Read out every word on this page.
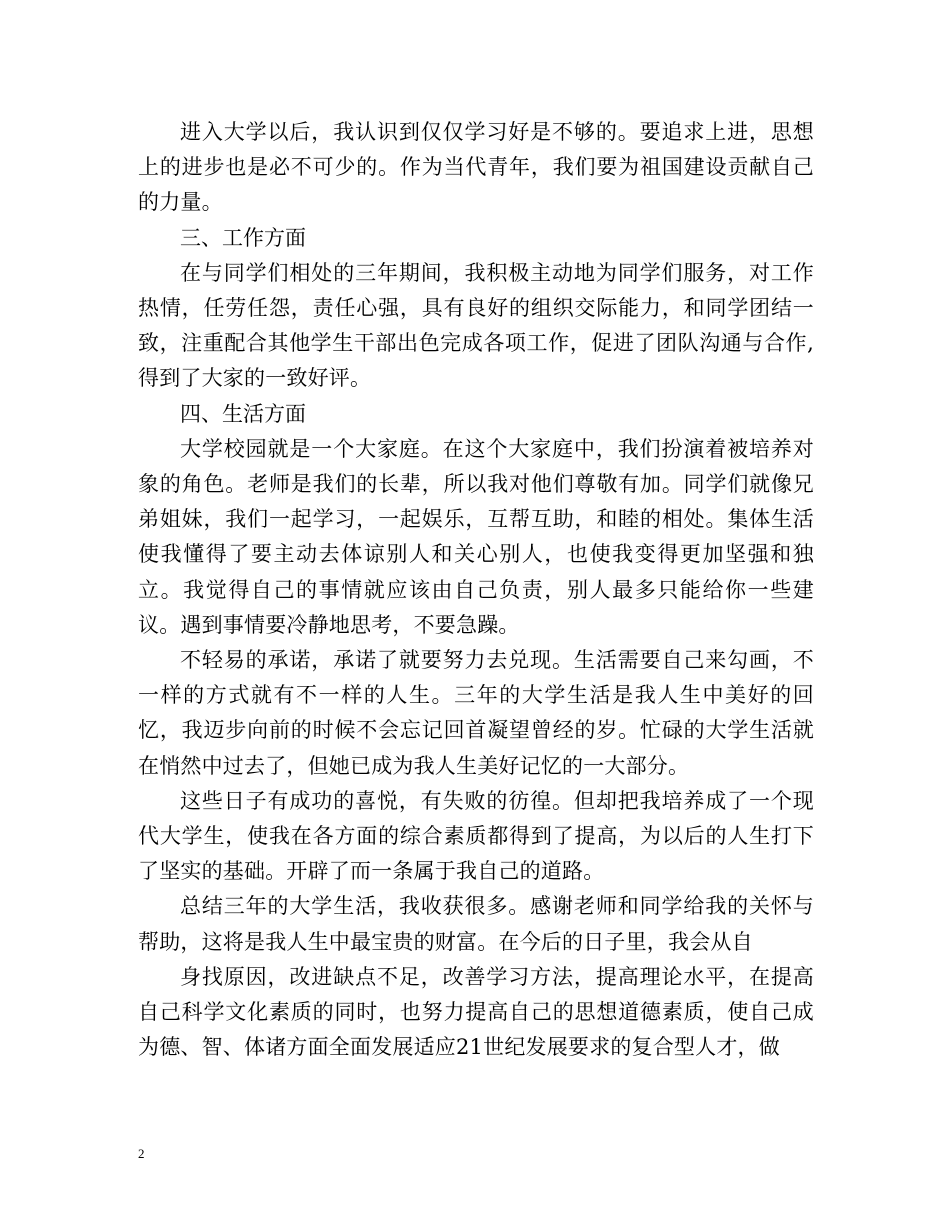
进入大学以后，我认识到仅仅学习好是不够的。要追求上进，思想上的进步也是必不可少的。作为当代青年，我们要为祖国建设贡献自己的力量。

三、工作方面

在与同学们相处的三年期间，我积极主动地为同学们服务，对工作热情，任劳任怨，责任心强，具有良好的组织交际能力，和同学团结一致，注重配合其他学生干部出色完成各项工作，促进了团队沟通与合作,得到了大家的一致好评。

四、生活方面

大学校园就是一个大家庭。在这个大家庭中，我们扮演着被培养对象的角色。老师是我们的长辈，所以我对他们尊敬有加。同学们就像兄弟姐妹，我们一起学习，一起娱乐，互帮互助，和睦的相处。集体生活使我懂得了要主动去体谅别人和关心别人，也使我变得更加坚强和独立。我觉得自己的事情就应该由自己负责，别人最多只能给你一些建议。遇到事情要冷静地思考，不要急躁。

不轻易的承诺，承诺了就要努力去兑现。生活需要自己来勾画，不一样的方式就有不一样的人生。三年的大学生活是我人生中美好的回忆，我迈步向前的时候不会忘记回首凝望曾经的岁。忙碌的大学生活就在悄然中过去了，但她已成为我人生美好记忆的一大部分。

这些日子有成功的喜悦，有失败的彷徨。但却把我培养成了一个现代大学生，使我在各方面的综合素质都得到了提高，为以后的人生打下了坚实的基础。开辟了而一条属于我自己的道路。

总结三年的大学生活，我收获很多。感谢老师和同学给我的关怀与帮助，这将是我人生中最宝贵的财富。在今后的日子里，我会从自

身找原因，改进缺点不足，改善学习方法，提高理论水平，在提高自己科学文化素质的同时，也努力提高自己的思想道德素质，使自己成为德、智、体诸方面全面发展适应21世纪发展要求的复合型人才，做

2
